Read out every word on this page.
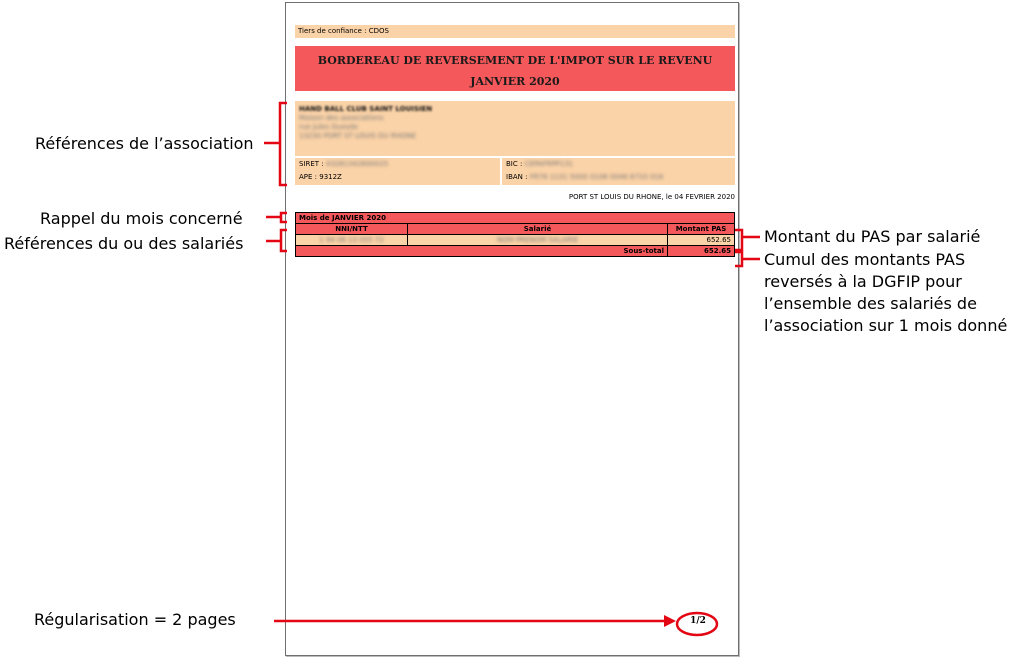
Références de l’association
Rappel du mois concerné
Références du ou des salariés
Régularisation = 2 pages
Montant du PAS par salarié
Cumul des montants PAS
reversés à la DGFIP pour
l’ensemble des salariés de
l’association sur 1 mois donné
Tiers de confiance : CDOS
BORDEREAU DE REVERSEMENT DE L'IMPOT SUR LE REVENU
JANVIER 2020
HAND BALL CLUB SAINT LOUISIEN
Maison des associations
rue Jules Guesde
13230 PORT ST LOUIS DU RHONE
SIRET : 43281342600025
APE : 9312Z
BIC : CEPAFRPP131
IBAN : FR76 1131 5000 0108 0046 6733 016
PORT ST LOUIS DU RHONE, le 04 FEVRIER 2020
Mois de JANVIER 2020		
NNI/NTT	Salarié	Montant PAS
1 94 06 13 055 72	NOM PRENOM SALARIE	652.65
	Sous-total	652.65
1/2
